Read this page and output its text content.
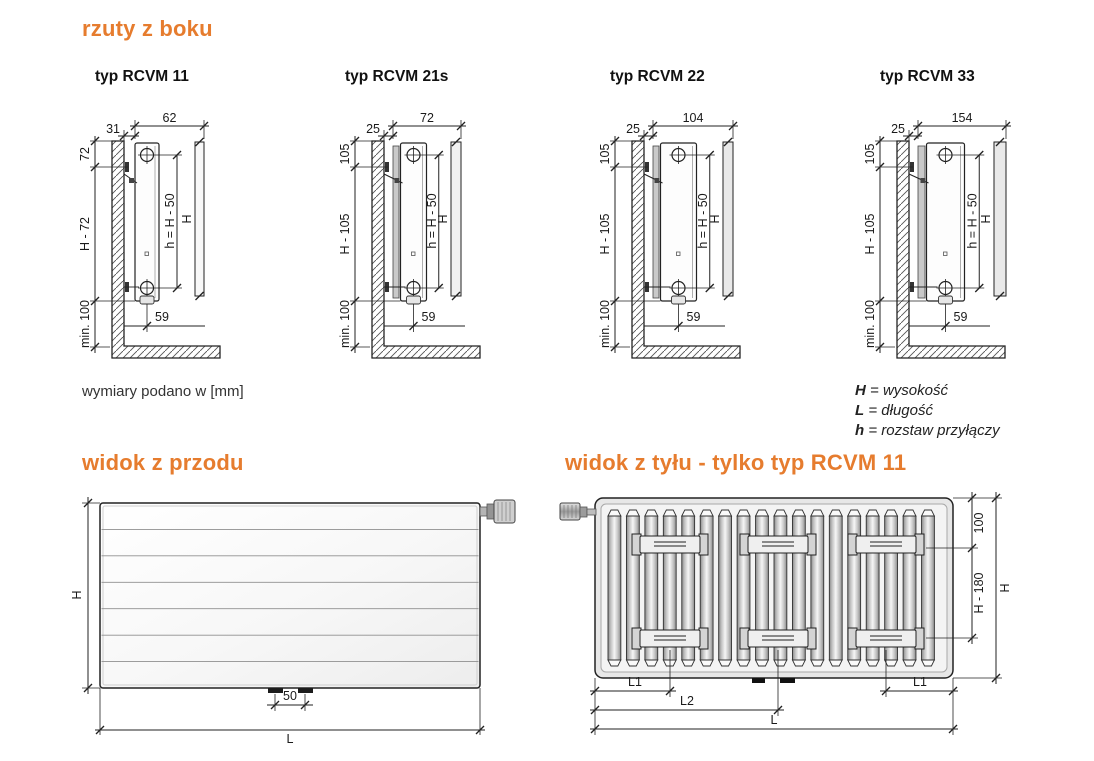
rzuty z boku
typ RCVM 11	typ RCVM 21s	typ RCVM 22	typ RCVM 33
62
31
72
H - 72
min. 100
h = H - 50 H
59
72
25
105
H - 105
min. 100
h = H - 50
H
59
104
25
105
H - 105
min. 100
h = H - 50
H
59
154
25
105
H - 105
min. 100
h = H - 50 H
59
wymiary podano w [mm]	H = wysokość
L = długość
h = rozstaw przyłączy
widok z przodu	widok z tyłu - tylko typ RCVM 11
50
L
H
100
H - 180 H
L1	L1
L2
L
